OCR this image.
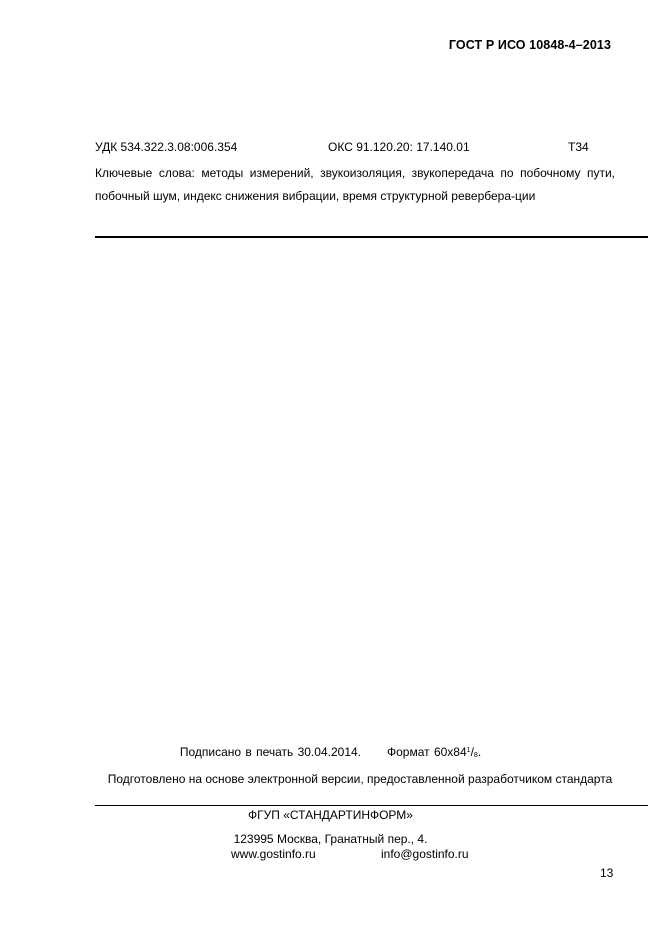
ГОСТ Р ИСО 10848-4–2013
УДК 534.322.3.08:006.354	ОКС 91.120.20: 17.140.01	Т34
Ключевые слова: методы измерений, звукоизоляция, звукопередача по побочному пути, побочный шум, индекс снижения вибрации, время структурной ревербера-ции
Подписано в печать 30.04.2014. Формат $60х84^1/_8$.
Подготовлено на основе электронной версии, предоставленной разработчиком стандарта
ФГУП «СТАНДАРТИНФОРМ»
123995 Москва, Гранатный пер., 4.
www.gostinfo.ru	info@gostinfo.ru
13
